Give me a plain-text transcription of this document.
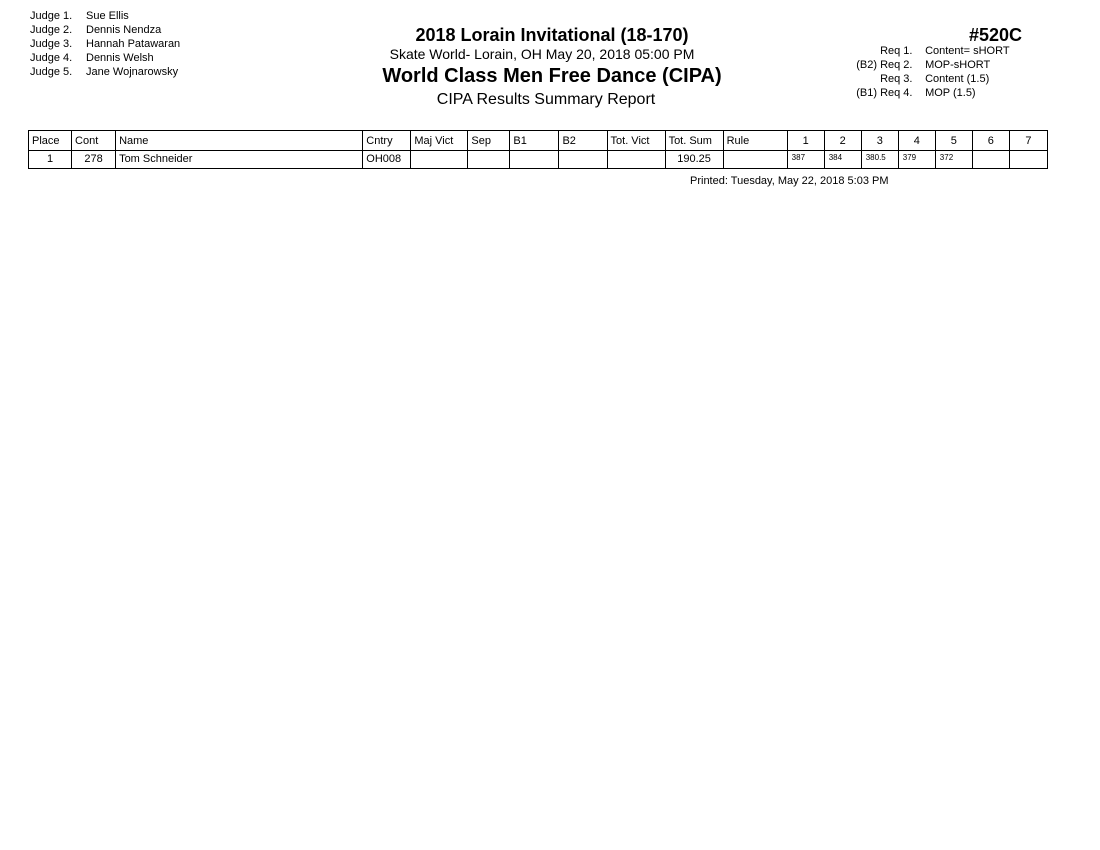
Judge 1. Sue Ellis
Judge 2. Dennis Nendza
Judge 3. Hannah Patawaran
Judge 4. Dennis Welsh
Judge 5. Jane Wojnarowsky
2018 Lorain Invitational (18-170)
Skate World- Lorain, OH May 20, 2018 05:00 PM
World Class Men Free Dance (CIPA)
CIPA Results Summary Report
#520C
Req 1. Content= sHORT
(B2) Req 2. MOP-sHORT
Req 3. Content (1.5)
(B1) Req 4. MOP (1.5)
Place	Cont	Name	Cntry	Maj Vict	Sep	B1	B2	Tot. Vict	Tot. Sum	Rule	1	2	3	4	5	6	7
1	278	Tom Schneider	OH008						190.25		387	384	380.5	379	372		
Printed: Tuesday, May 22, 2018 5:03 PM
